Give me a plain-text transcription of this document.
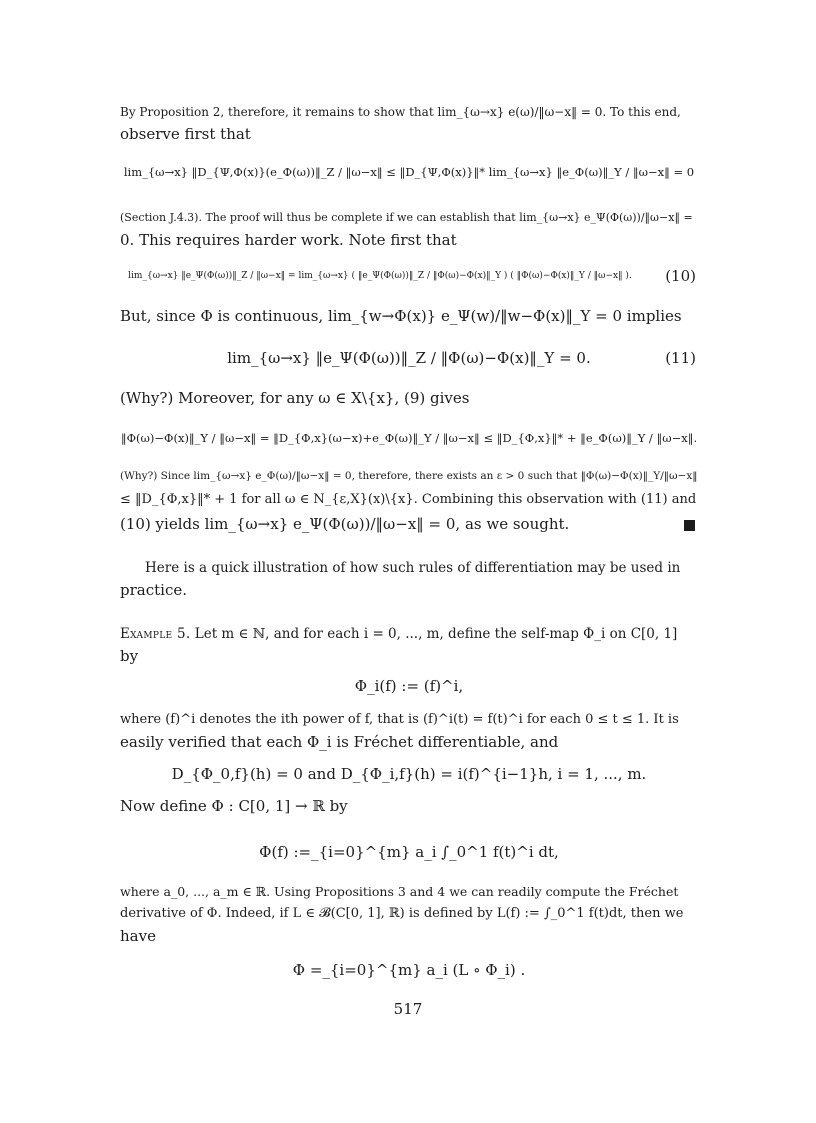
By Proposition 2, therefore, it remains to show that lim_{ω→x} e(ω)/‖ω−x‖ = 0. To this end,
observe first that
lim_{ω→x} ‖D_{Ψ,Φ(x)}(e_Φ(ω))‖_Z / ‖ω−x‖ ≤ ‖D_{Ψ,Φ(x)}‖* lim_{ω→x} ‖e_Φ(ω)‖_Y / ‖ω−x‖ = 0
(Section J.4.3). The proof will thus be complete if we can establish that lim_{ω→x} e_Ψ(Φ(ω))/‖ω−x‖ =
0. This requires harder work. Note first that
lim_{ω→x} ‖e_Ψ(Φ(ω))‖_Z / ‖ω−x‖ = lim_{ω→x} ( ‖e_Ψ(Φ(ω))‖_Z / ‖Φ(ω)−Φ(x)‖_Y ) ( ‖Φ(ω)−Φ(x)‖_Y / ‖ω−x‖ ).	(10)
But, since Φ is continuous, lim_{w→Φ(x)} e_Ψ(w)/‖w−Φ(x)‖_Y = 0 implies
lim_{ω→x} ‖e_Ψ(Φ(ω))‖_Z / ‖Φ(ω)−Φ(x)‖_Y = 0.	(11)
(Why?) Moreover, for any ω ∈ X\{x}, (9) gives
‖Φ(ω)−Φ(x)‖_Y / ‖ω−x‖ = ‖D_{Φ,x}(ω−x)+e_Φ(ω)‖_Y / ‖ω−x‖ ≤ ‖D_{Φ,x}‖* + ‖e_Φ(ω)‖_Y / ‖ω−x‖.
(Why?) Since lim_{ω→x} e_Φ(ω)/‖ω−x‖ = 0, therefore, there exists an ε > 0 such that ‖Φ(ω)−Φ(x)‖_Y/‖ω−x‖
≤ ‖D_{Φ,x}‖* + 1 for all ω ∈ N_{ε,X}(x)\{x}. Combining this observation with (11) and
(10) yields lim_{ω→x} e_Ψ(Φ(ω))/‖ω−x‖ = 0, as we sought.
Here is a quick illustration of how such rules of differentiation may be used in
practice.
Example 5. Let m ∈ ℕ, and for each i = 0, ..., m, define the self-map Φ_i on C[0, 1]
by
Φ_i(f) := (f)^i,
where (f)^i denotes the ith power of f, that is (f)^i(t) = f(t)^i for each 0 ≤ t ≤ 1. It is
easily verified that each Φ_i is Fréchet differentiable, and
D_{Φ_0,f}(h) = 0 and D_{Φ_i,f}(h) = i(f)^{i−1}h, i = 1, ..., m.
Now define Φ : C[0, 1] → ℝ by
Φ(f) :=_{i=0}^{m} a_i ∫_0^1 f(t)^i dt,
where a_0, ..., a_m ∈ ℝ. Using Propositions 3 and 4 we can readily compute the Fréchet
derivative of Φ. Indeed, if L ∈ 𝓑(C[0, 1], ℝ) is defined by L(f) := ∫_0^1 f(t)dt, then we
have
Φ =_{i=0}^{m} a_i (L ∘ Φ_i) .
517
